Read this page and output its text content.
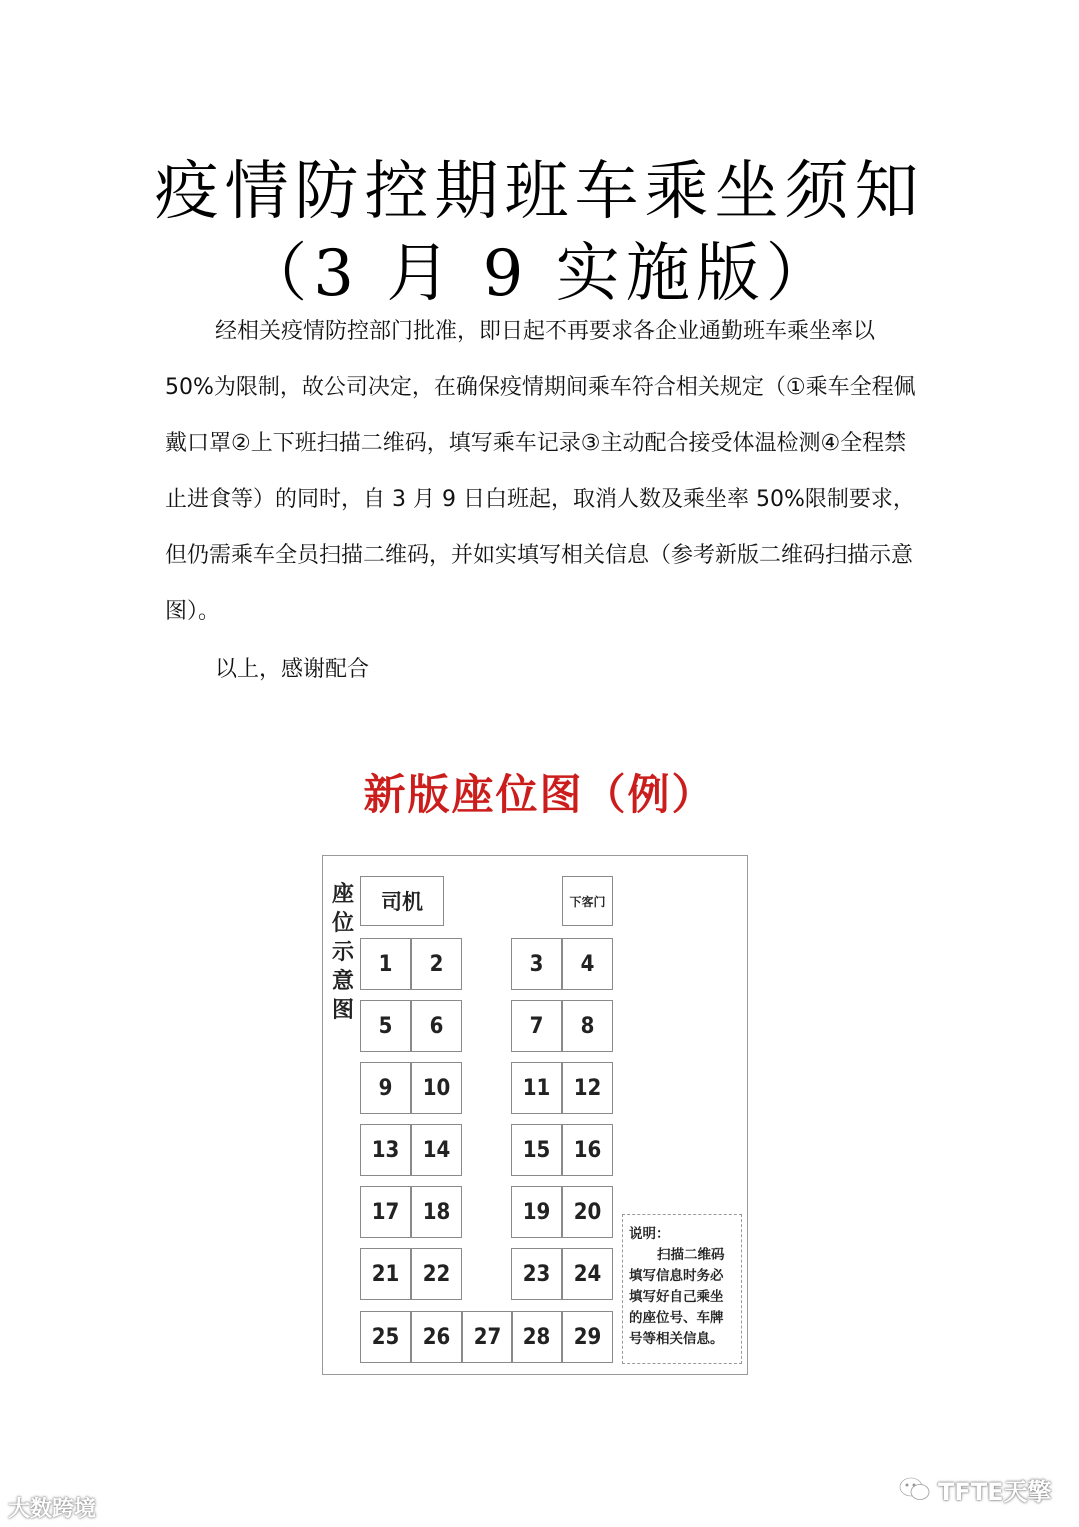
疫情防控期班车乘坐须知
（3 月 9 实施版）

经相关疫情防控部门批准，即日起不再要求各企业通勤班车乘坐率以 50%为限制，故公司决定，在确保疫情期间乘车符合相关规定（①乘车全程佩戴口罩②上下班扫描二维码，填写乘车记录③主动配合接受体温检测④全程禁止进食等）的同时，自 3 月 9 日白班起，取消人数及乘坐率 50%限制要求，但仍需乘车全员扫描二维码，并如实填写相关信息（参考新版二维码扫描示意图）。

以上，感谢配合

新版座位图（例）
座
位
示
意
图
司机	下客门
1	2	3	4
5	6	7	8
9	10	11	12
13	14	15	16
17	18	19	20
21	22	23	24
25	26	27 28	29
说明：
扫描二维码填写信息时务必填写好自己乘坐的座位号、车牌号等相关信息。
大数跨境
TFTE天擎
